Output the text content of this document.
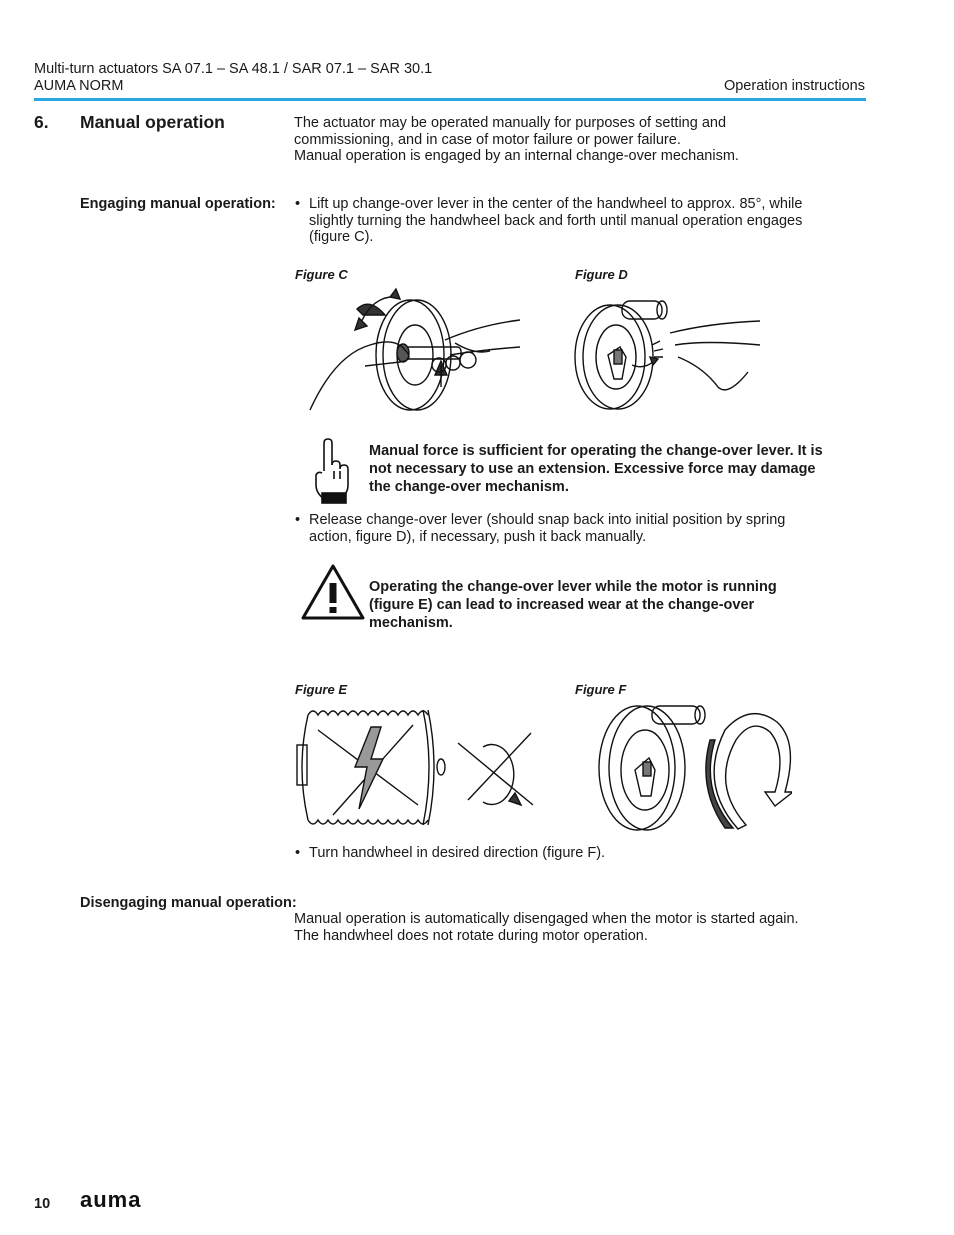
Multi-turn actuators SA 07.1 – SA 48.1 / SAR 07.1 – SAR 30.1
AUMA NORM	Operation instructions
6. Manual operation	The actuator may be operated manually for purposes of setting and
commissioning, and in case of motor failure or power failure.
Manual operation is engaged by an internal change-over mechanism.
Engaging manual operation: • Lift up change-over lever in the center of the handwheel to approx. 85°, while
slightly turning the handwheel back and forth until manual operation engages
(figure C).
Figure C	Figure D
Manual force is sufficient for operating the change-over lever. It is
not necessary to use an extension. Excessive force may damage
the change-over mechanism.
• Release change-over lever (should snap back into initial position by spring
action, figure D), if necessary, push it back manually.
Operating the change-over lever while the motor is running
(figure E) can lead to increased wear at the change-over
mechanism.
Figure E	Figure F
• Turn handwheel in desired direction (figure F).
Disengaging manual operation:
Manual operation is automatically disengaged when the motor is started again.
The handwheel does not rotate during motor operation.
10 auma
